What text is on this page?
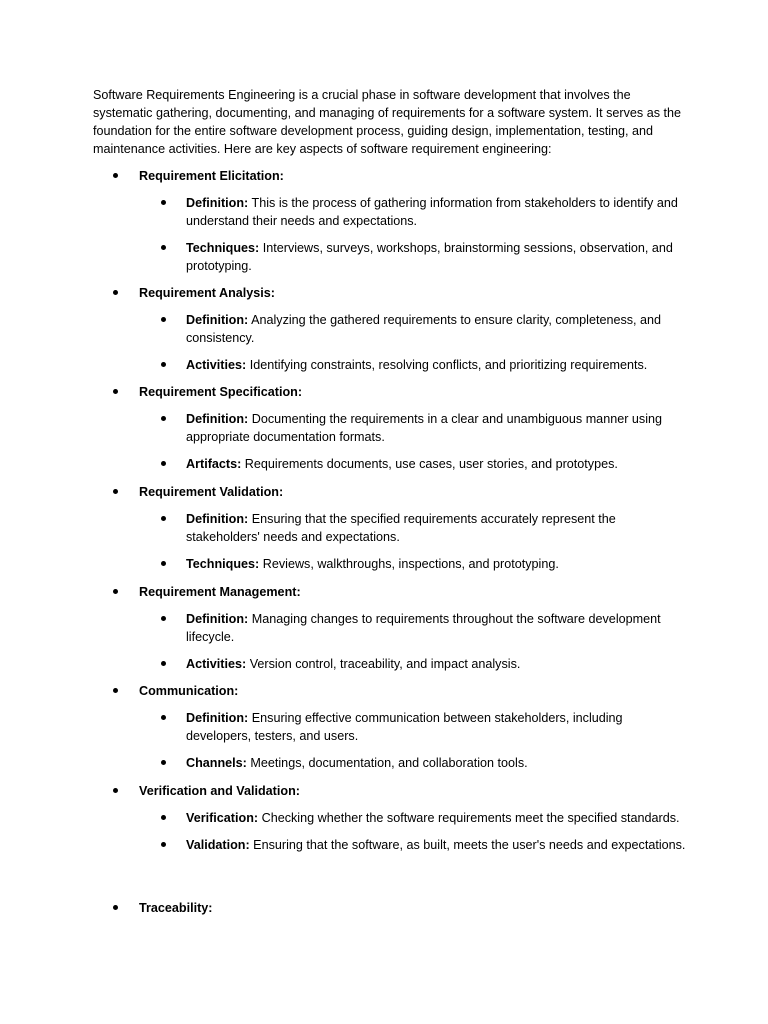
Software Requirements Engineering is a crucial phase in software development that involves the systematic gathering, documenting, and managing of requirements for a software system. It serves as the foundation for the entire software development process, guiding design, implementation, testing, and maintenance activities. Here are key aspects of software requirement engineering:

Requirement Elicitation:
Definition: This is the process of gathering information from stakeholders to identify and understand their needs and expectations.
Techniques: Interviews, surveys, workshops, brainstorming sessions, observation, and prototyping.
Requirement Analysis:
Definition: Analyzing the gathered requirements to ensure clarity, completeness, and consistency.
Activities: Identifying constraints, resolving conflicts, and prioritizing requirements.
Requirement Specification:
Definition: Documenting the requirements in a clear and unambiguous manner using appropriate documentation formats.
Artifacts: Requirements documents, use cases, user stories, and prototypes.
Requirement Validation:
Definition: Ensuring that the specified requirements accurately represent the stakeholders' needs and expectations.
Techniques: Reviews, walkthroughs, inspections, and prototyping.
Requirement Management:
Definition: Managing changes to requirements throughout the software development lifecycle.
Activities: Version control, traceability, and impact analysis.
Communication:
Definition: Ensuring effective communication between stakeholders, including developers, testers, and users.
Channels: Meetings, documentation, and collaboration tools.
Verification and Validation:
Verification: Checking whether the software requirements meet the specified standards.
Validation: Ensuring that the software, as built, meets the user's needs and expectations.
Traceability:
